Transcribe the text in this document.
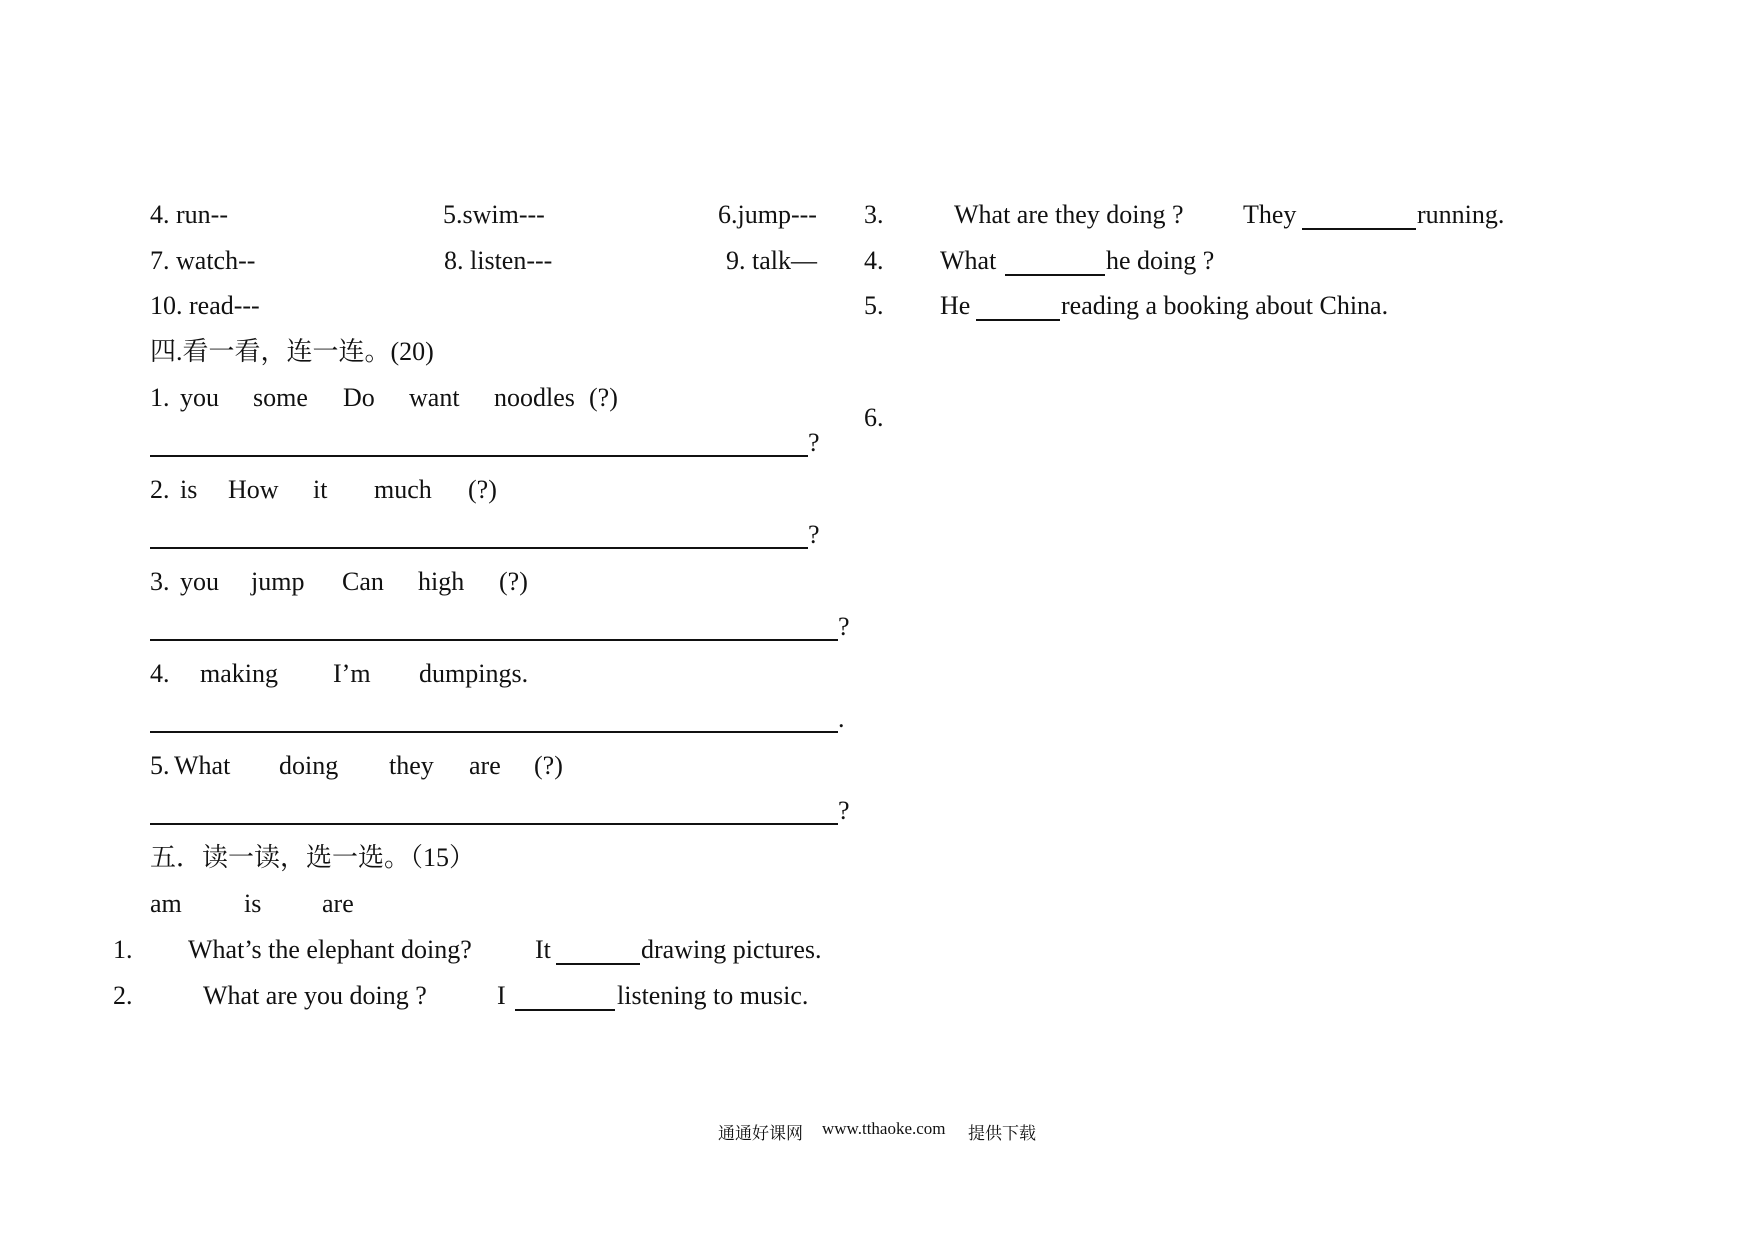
4. run--	5.swim---	6.jump---
7. watch--	8. listen---	9. talk—
10. read---
四.看一看，连一连。(20)
1. you some Do want noodles (?)
?
2. is How it much (?)
?
3. you jump Can high (?)
?
4. making I’m dumpings.
.
5. What doing they are (?)
?
五．读一读，选一选。（15）
am is are
1. What’s the elephant doing? It	drawing pictures.
2.	What are you doing ?	I	listening to music.
3.	What are they doing ? They	running.
4. What	he doing ?
5. He	reading a booking about China.
6.
通通好课网 www.tthaoke.com 提供下载
